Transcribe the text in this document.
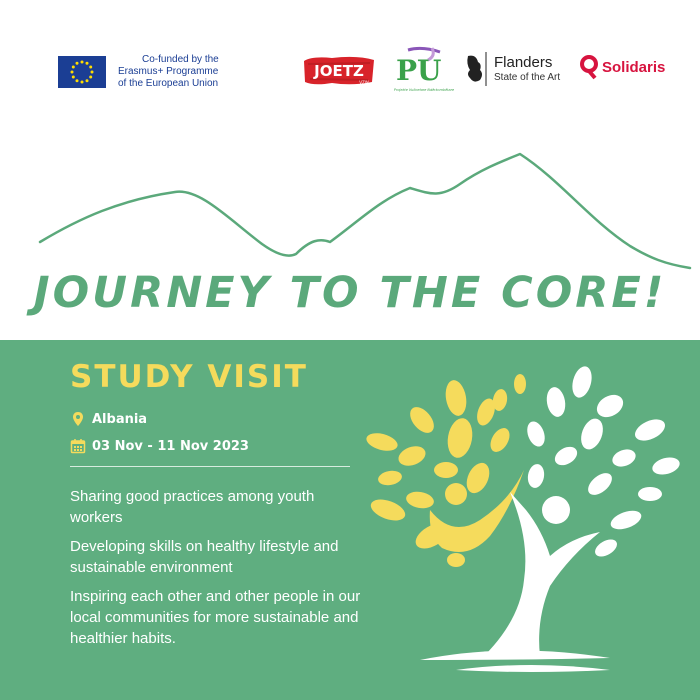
Co-funded by the
Erasmus+ Programme
of the European Union
JOETZ
VZW PU
Projekte Vullnetare Ndërkombëtare
Flanders
State of the Art
Solidaris
JOURNEY TO THE CORE!
STUDY VISIT
Albania
03 Nov - 11 Nov 2023
Sharing good practices among youth workers
Developing skills on healthy lifestyle and sustainable environment
Inspiring each other and other people in our local communities for more sustainable and healthier habits.
